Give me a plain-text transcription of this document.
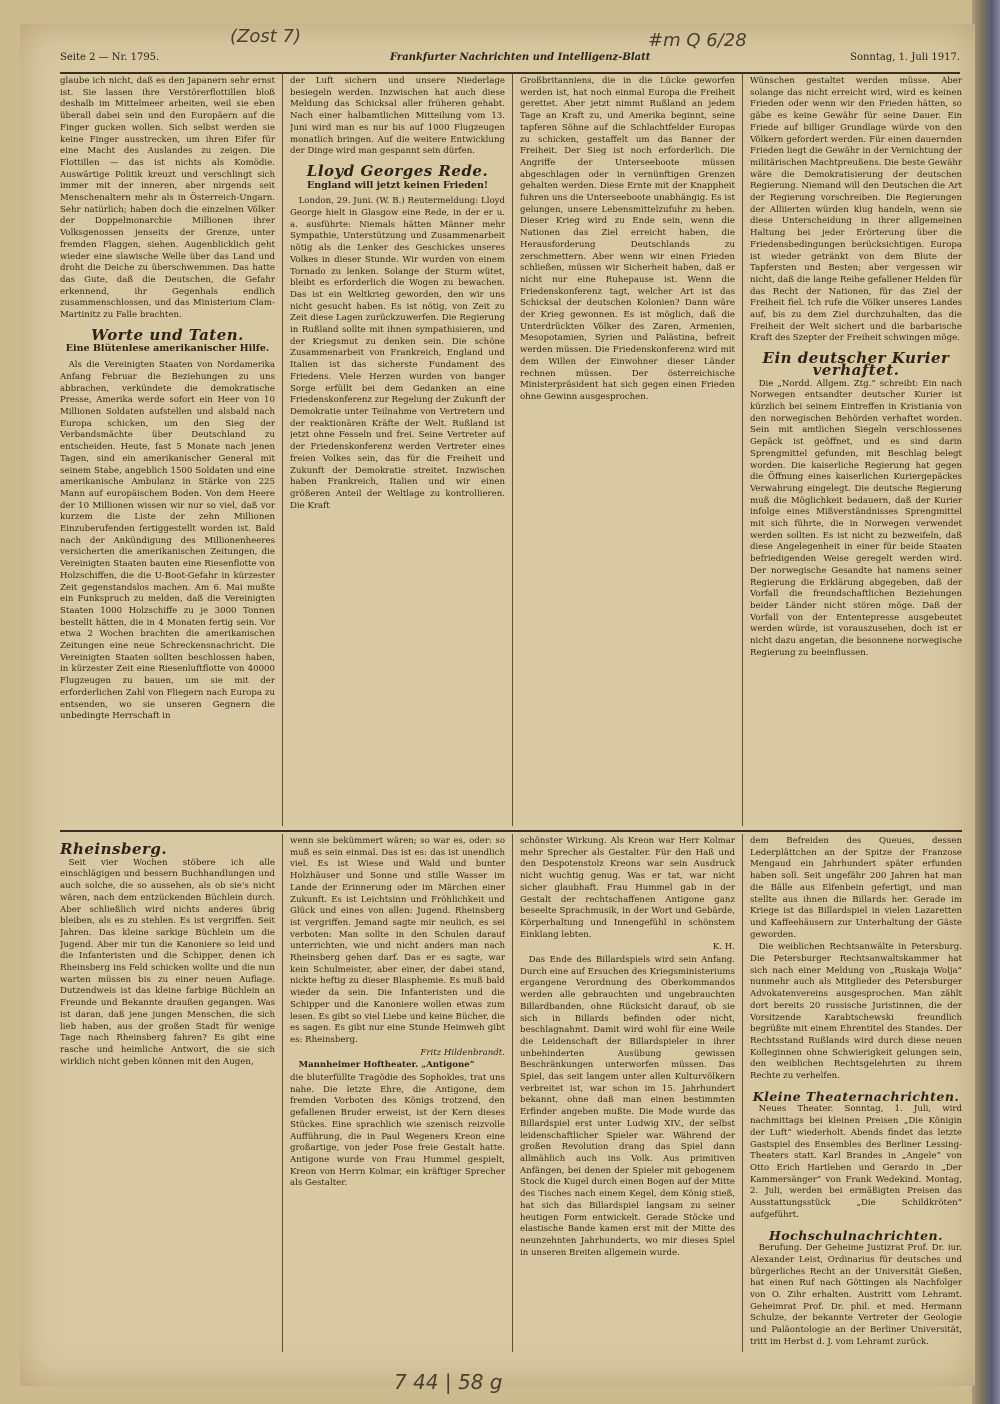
Seite 2 — Nr. 1795.	Frankfurter Nachrichten und Intelligenz-Blatt	Sonntag, 1. Juli 1917.
(Zost 7)	#m Q 6/28

glaube ich nicht, daß es den Japanern sehr ernst ist. Sie lassen ihre Verstörerflottillen bloß deshalb im Mittelmeer arbeiten, weil sie eben überall dabei sein und den Europäern auf die Finger gucken wollen. Sich selbst werden sie keine Finger ausstrecken, um ihren Eifer für eine Macht des Auslandes zu zeigen. Die Flottillen — das ist nichts als Komödie. Auswärtige Politik kreuzt und verschlingt sich immer mit der inneren, aber nirgends seit Menschenaltern mehr als in Österreich-Ungarn. Sehr natürlich; haben doch die einzelnen Völker der Doppelmonarchie Millionen ihrer Volksgenossen jenseits der Grenze, unter fremden Flaggen, siehen. Augenblicklich geht wieder eine slawische Welle über das Land und droht die Deiche zu überschwemmen. Das hatte das Gute, daß die Deutschen, die Gefahr erkennend, ihr Gegenhals endlich zusammenschlossen, und das Ministerium Clam-Martinitz zu Falle brachten.

Worte und Taten.
Eine Blütenlese amerikanischer Hilfe.

Als die Vereinigten Staaten von Nordamerika Anfang Februar die Beziehungen zu uns abbrachen, verkündete die demokratische Presse, Amerika werde sofort ein Heer von 10 Millionen Soldaten aufstellen und alsbald nach Europa schicken, um den Sieg der Verbandsmächte über Deutschland zu entscheiden. Heute, fast 5 Monate nach jenen Tagen, sind ein amerikanischer General mit seinem Stabe, angeblich 1500 Soldaten und eine amerikanische Ambulanz in Stärke von 225 Mann auf europäischem Boden. Von dem Heere der 10 Millionen wissen wir nur so viel, daß vor kurzem die Liste der zehn Millionen Einzuberufenden fertiggestellt worden ist. Bald nach der Ankündigung des Millionenheeres versicherten die amerikanischen Zeitungen, die Vereinigten Staaten bauten eine Riesenflotte von Holzschiffen, die die U-Boot-Gefahr in kürzester Zeit gegenstandslos machen. Am 6. Mai mußte ein Funkspruch zu melden, daß die Vereinigten Staaten 1000 Holzschiffe zu je 3000 Tonnen bestellt hätten, die in 4 Monaten fertig sein. Vor etwa 2 Wochen brachten die amerikanischen Zeitungen eine neue Schreckensnachricht. Die Vereinigten Staaten sollten beschlossen haben, in kürzester Zeit eine Riesenluftflotte von 40000 Flugzeugen zu bauen, um sie mit der erforderlichen Zahl von Fliegern nach Europa zu entsenden, wo sie unseren Gegnern die unbedingte Herrschaft in

der Luft sichern und unsere Niederlage besiegeln werden. Inzwischen hat auch diese Meldung das Schicksal aller früheren gehabt. Nach einer halbamtlichen Mitteilung vom 13. Juni wird man es nur bis auf 1000 Flugzeugen monatlich bringen. Auf die weitere Entwicklung der Dinge wird man gespannt sein dürfen.

Lloyd Georges Rede.
England will jetzt keinen Frieden!

London, 29. Juni. (W. B.) Reutermeldung: Lloyd George hielt in Glasgow eine Rede, in der er u. a. ausführte: Niemals hätten Männer mehr Sympathie, Unterstützung und Zusammenarbeit nötig als die Lenker des Geschickes unseres Volkes in dieser Stunde. Wir wurden von einem Tornado zu lenken. Solange der Sturm wütet, bleibt es erforderlich die Wogen zu bewachen. Das ist ein Weltkrieg geworden, den wir uns nicht gesucht haben. Es ist nötig, von Zeit zu Zeit diese Lagen zurückzuwerfen. Die Regierung in Rußland sollte mit ihnen sympathisieren, und der Kriegsmut zu denken sein. Die schöne Zusammenarbeit von Frankreich, England und Italien ist das sicherste Fundament des Friedens. Viele Herzen wurden von banger Sorge erfüllt bei dem Gedanken an eine Friedenskonferenz zur Regelung der Zukunft der Demokratie unter Teilnahme von Vertretern und der reaktionären Kräfte der Welt. Rußland ist jetzt ohne Fesseln und frei. Seine Vertreter auf der Friedenskonferenz werden Vertreter eines freien Volkes sein, das für die Freiheit und Zukunft der Demokratie streitet. Inzwischen haben Frankreich, Italien und wir einen größeren Anteil der Weltlage zu kontrollieren. Die Kraft

Großbritanniens, die in die Lücke geworfen werden ist, hat noch einmal Europa die Freiheit gerettet. Aber jetzt nimmt Rußland an jedem Tage an Kraft zu, und Amerika beginnt, seine tapferen Söhne auf die Schlachtfelder Europas zu schicken, gestaffelt um das Banner der Freiheit. Der Sieg ist noch erforderlich. Die Angriffe der Unterseeboote müssen abgeschlagen oder in vernünftigen Grenzen gehalten werden. Diese Ernte mit der Knappheit fuhren uns die Unterseeboote unabhängig. Es ist gelungen, unsere Lebensmittelzufuhr zu heben. Dieser Krieg wird zu Ende sein, wenn die Nationen das Ziel erreicht haben, die Herausforderung Deutschlands zu zerschmettern. Aber wenn wir einen Frieden schließen, müssen wir Sicherheit haben, daß er nicht nur eine Ruhepause ist. Wenn die Friedenskonferenz tagt, welcher Art ist das Schicksal der deutschen Kolonien? Dann wäre der Krieg gewonnen. Es ist möglich, daß die Unterdrückten Völker des Zaren, Armenien, Mesopotamien, Syrien und Palästina, befreit werden müssen. Die Friedenskonferenz wird mit dem Willen der Einwohner dieser Länder rechnen müssen. Der österreichische Ministerpräsident hat sich gegen einen Frieden ohne Gewinn ausgesprochen.

Wünschen gestaltet werden müsse. Aber solange das nicht erreicht wird, wird es keinen Frieden oder wenn wir den Frieden hätten, so gäbe es keine Gewähr für seine Dauer. Ein Friede auf billiger Grundlage würde von den Völkern gefordert werden. Für einen dauernden Frieden liegt die Gewähr in der Vernichtung der militärischen Machtpreußens. Die beste Gewähr wäre die Demokratisierung der deutschen Regierung. Niemand will den Deutschen die Art der Regierung vorschreiben. Die Regierungen der Alliierten würden klug handeln, wenn sie diese Unterscheidung in ihrer allgemeinen Haltung bei jeder Erörterung über die Friedensbedingungen berücksichtigen. Europa ist wieder getränkt von dem Blute der Tapfersten und Besten; aber vergessen wir nicht, daß die lange Reihe gefallener Helden für das Recht der Nationen, für das Ziel der Freiheit fiel. Ich rufe die Völker unseres Landes auf, bis zu dem Ziel durchzuhalten, das die Freiheit der Welt sichert und die barbarische Kraft des Szepter der Freiheit schwingen möge.

Ein deutscher Kurier verhaftet.

Die „Nordd. Allgem. Ztg.“ schreibt: Ein nach Norwegen entsandter deutscher Kurier ist kürzlich bei seinem Eintreffen in Kristiania von den norwegischen Behörden verhaftet worden. Sein mit amtlichen Siegeln verschlossenes Gepäck ist geöffnet, und es sind darin Sprengmittel gefunden, mit Beschlag belegt worden. Die kaiserliche Regierung hat gegen die Öffnung eines kaiserlichen Kuriergepäckes Verwahrung eingelegt. Die deutsche Regierung muß die Möglichkeit bedauern, daß der Kurier infolge eines Mißverständnisses Sprengmittel mit sich führte, die in Norwegen verwendet werden sollten. Es ist nicht zu bezweifeln, daß diese Angelegenheit in einer für beide Staaten befriedigenden Weise geregelt werden wird. Der norwegische Gesandte hat namens seiner Regierung die Erklärung abgegeben, daß der Vorfall die freundschaftlichen Beziehungen beider Länder nicht stören möge. Daß der Vorfall von der Ententepresse ausgebeutet werden würde, ist vorauszusehen, doch ist er nicht dazu angetan, die besonnene norwegische Regierung zu beeinflussen.

Rheinsberg.

Seit vier Wochen stöbere ich alle einschlägigen und bessern Buchhandlungen und auch solche, die so aussehen, als ob sie's nicht wären, nach dem entzückenden Büchlein durch. Aber schließlich wird nichts anderes übrig bleiben, als es zu stehlen. Es ist vergriffen. Seit Jahren. Das kleine sarkige Büchlein um die Jugend. Aber mir tun die Kanoniere so leid und die Infanteristen und die Schipper, denen ich Rheinsberg ins Feld schicken wollte und die nun warten müssen bis zu einer neuen Auflage. Dutzendweis ist das kleine farbige Büchlein an Freunde und Bekannte draußen gegangen. Was ist daran, daß jene jungen Menschen, die sich lieb haben, aus der großen Stadt für wenige Tage nach Rheinsberg fahren? Es gibt eine rasche und heimliche Antwort, die sie sich wirklich nicht geben können mit den Augen,

wenn sie bekümmert wären; so war es, oder: so muß es sein einmal. Das ist es: das ist unendlich viel. Es ist Wiese und Wald und bunter Holzhäuser und Sonne und stille Wasser im Lande der Erinnerung oder im Märchen einer Zukunft. Es ist Leichtsinn und Fröhlichkeit und Glück und eines von allen: Jugend. Rheinsberg ist vergriffen. Jemand sagte mir neulich, es sei verboten: Man sollte in den Schulen darauf unterrichten, wie und nicht anders man nach Rheinsberg gehen darf. Das er es sagte, war kein Schulmeister, aber einer, der dabei stand, nickte heftig zu dieser Blasphemie. Es muß bald wieder da sein. Die Infanteristen und die Schipper und die Kanoniere wollen etwas zum lesen. Es gibt so viel Liebe und keine Bücher, die es sagen. Es gibt nur eine Stunde Heimweh gibt es: Rheinsberg.

Fritz Hildenbrandt.

Mannheimer Hoftheater. „Antigone“

die bluterfüllte Tragödie des Sophokles, trat uns nahe. Die letzte Ehre, die Antigone, dem fremden Vorboten des Königs trotzend, den gefallenen Bruder erweist, ist der Kern dieses Stückes. Eine sprachlich wie szenisch reizvolle Aufführung, die in Paul Wegeners Kreon eine großartige, von jeder Pose freie Gestalt hatte. Antigone wurde von Frau Hummel gespielt, Kreon von Herrn Kolmar, ein kräftiger Sprecher als Gestalter.

schönster Wirkung. Als Kreon war Herr Kolmar mehr Sprecher als Gestalter. Für den Haß und den Despotenstolz Kreons war sein Ausdruck nicht wuchtig genug. Was er tat, war nicht sicher glaubhaft. Frau Hummel gab in der Gestalt der rechtschaffenen Antigone ganz beseelte Sprachmusik, in der Wort und Gebärde, Körperhaltung und Innengefühl in schönstem Einklang lebten.

K. H.

Das Ende des Billardspiels wird sein Anfang. Durch eine auf Ersuchen des Kriegsministeriums ergangene Verordnung des Oberkommandos werden alle gebrauchten und ungebrauchten Billardbanden, ohne Rücksicht darauf, ob sie sich in Billards befinden oder nicht, beschlagnahmt. Damit wird wohl für eine Weile die Leidenschaft der Billardspieler in ihrer unbehinderten Ausübung gewissen Beschränkungen unterworfen müssen. Das Spiel, das seit langem unter allen Kulturvölkern verbreitet ist, war schon im 15. Jahrhundert bekannt, ohne daß man einen bestimmten Erfinder angeben mußte. Die Mode wurde das Billardspiel erst unter Ludwig XIV., der selbst leidenschaftlicher Spieler war. Während der großen Revolution drang das Spiel dann allmählich auch ins Volk. Aus primitiven Anfängen, bei denen der Spieler mit gebogenem Stock die Kugel durch einen Bogen auf der Mitte des Tisches nach einem Kegel, dem König stieß, hat sich das Billardspiel langsam zu seiner heutigen Form entwickelt. Gerade Stöcke und elastische Bande kamen erst mit der Mitte des neunzehnten Jahrhunderts, wo mir dieses Spiel in unseren Breiten allgemein wurde.

dem Befreiden des Queues, dessen Lederplättchen an der Spitze der Franzose Mengaud ein Jahrhundert später erfunden haben soll. Seit ungefähr 200 Jahren hat man die Bälle aus Elfenbein gefertigt, und man stellte aus ihnen die Billards her. Gerade im Kriege ist das Billardspiel in vielen Lazaretten und Kaffeehäusern zur Unterhaltung der Gäste geworden.

Die weiblichen Rechtsanwälte in Petersburg. Die Petersburger Rechtsanwaltskammer hat sich nach einer Meldung von „Ruskaja Wolja“ nunmehr auch als Mitglieder des Petersburger Advokatenvereins ausgesprochen. Man zählt dort bereits 20 russische Juristinnen, die der Vorsitzende Karabtschewski freundlich begrüßte mit einem Ehrentitel des Standes. Der Rechtsstand Rußlands wird durch diese neuen Kolleginnen ohne Schwierigkeit gelungen sein, den weiblichen Rechtsgelehrten zu ihrem Rechte zu verhelfen.

Kleine Theaternachrichten.

Neues Theater. Sonntag, 1. Juli, wird nachmittags bei kleinen Preisen „Die Königin der Luft“ wiederholt. Abends findet das letzte Gastspiel des Ensembles des Berliner Lessing-Theaters statt. Karl Brandes in „Angele“ von Otto Erich Hartleben und Gerardo in „Der Kammersänger“ von Frank Wedekind. Montag, 2. Juli, werden bei ermäßigten Preisen das Ausstattungsstück „Die Schildkröten“ aufgeführt.

Hochschulnachrichten.

Berufung. Der Geheime Justizrat Prof. Dr. iur. Alexander Leist, Ordinarius für deutsches und bürgerliches Recht an der Universität Gießen, hat einen Ruf nach Göttingen als Nachfolger von O. Zihr erhalten. Austritt vom Lehramt. Geheimrat Prof. Dr. phil. et med. Hermann Schulze, der bekannte Vertreter der Geologie und Paläontologie an der Berliner Universität, tritt im Herbst d. J. vom Lehramt zurück.

7 44 | 58 g
